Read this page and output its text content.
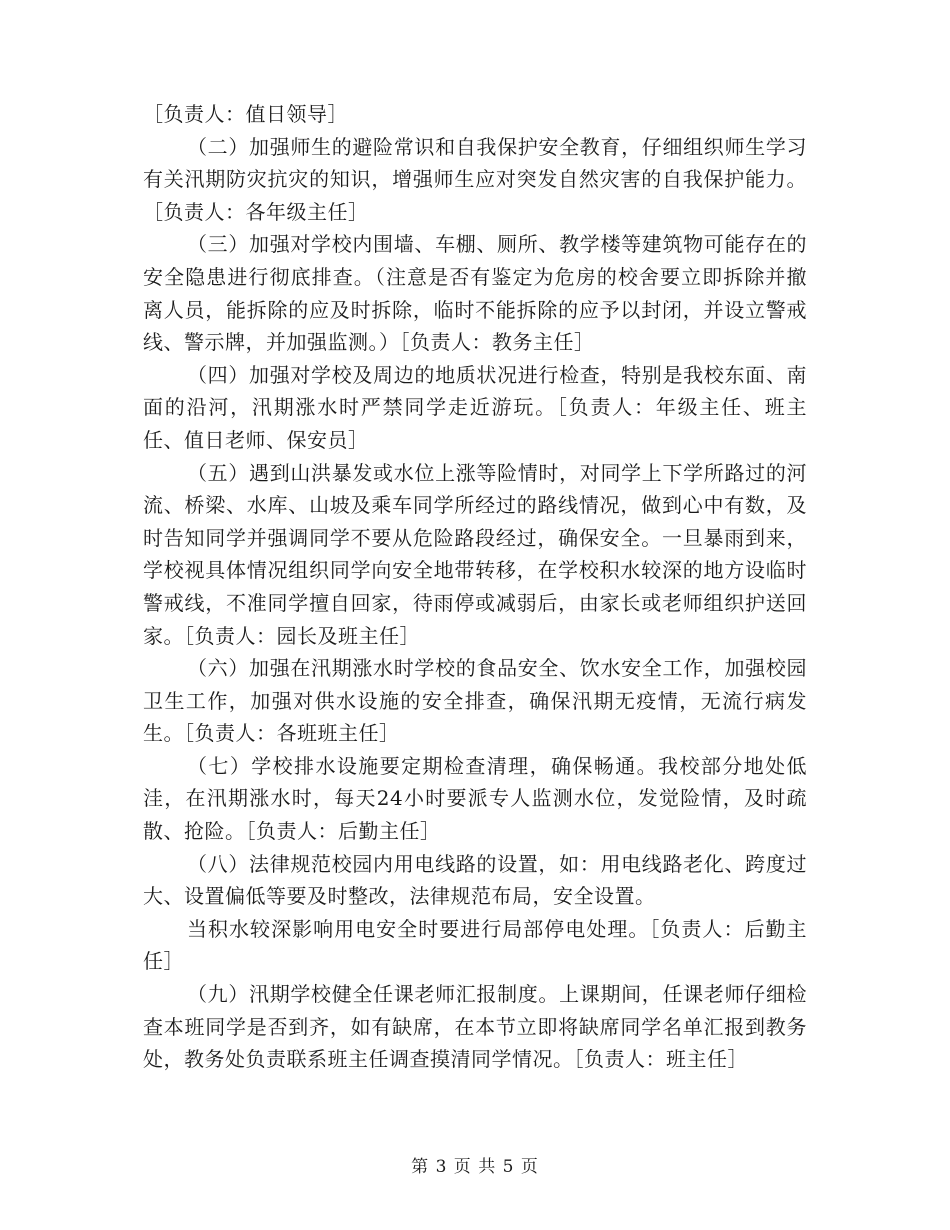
［负责人：值日领导］

（二）加强师生的避险常识和自我保护安全教育，仔细组织师生学习有关汛期防灾抗灾的知识，增强师生应对突发自然灾害的自我保护能力。［负责人：各年级主任］

（三）加强对学校内围墙、车棚、厕所、教学楼等建筑物可能存在的安全隐患进行彻底排查。（注意是否有鉴定为危房的校舍要立即拆除并撤离人员，能拆除的应及时拆除，临时不能拆除的应予以封闭，并设立警戒线、警示牌，并加强监测。）［负责人：教务主任］

（四）加强对学校及周边的地质状况进行检查，特别是我校东面、南面的沿河，汛期涨水时严禁同学走近游玩。［负责人：年级主任、班主任、值日老师、保安员］

（五）遇到山洪暴发或水位上涨等险情时，对同学上下学所路过的河流、桥梁、水库、山坡及乘车同学所经过的路线情况，做到心中有数，及时告知同学并强调同学不要从危险路段经过，确保安全。一旦暴雨到来，学校视具体情况组织同学向安全地带转移，在学校积水较深的地方设临时警戒线，不准同学擅自回家，待雨停或减弱后，由家长或老师组织护送回家。［负责人：园长及班主任］

（六）加强在汛期涨水时学校的食品安全、饮水安全工作，加强校园卫生工作，加强对供水设施的安全排查，确保汛期无疫情，无流行病发生。［负责人：各班班主任］

（七）学校排水设施要定期检查清理，确保畅通。我校部分地处低洼，在汛期涨水时，每天24小时要派专人监测水位，发觉险情，及时疏散、抢险。［负责人：后勤主任］

（八）法律规范校园内用电线路的设置，如：用电线路老化、跨度过大、设置偏低等要及时整改，法律规范布局，安全设置。

当积水较深影响用电安全时要进行局部停电处理。［负责人：后勤主任］

（九）汛期学校健全任课老师汇报制度。上课期间，任课老师仔细检查本班同学是否到齐，如有缺席，在本节立即将缺席同学名单汇报到教务处，教务处负责联系班主任调查摸清同学情况。［负责人：班主任］

第 3 页 共 5 页
